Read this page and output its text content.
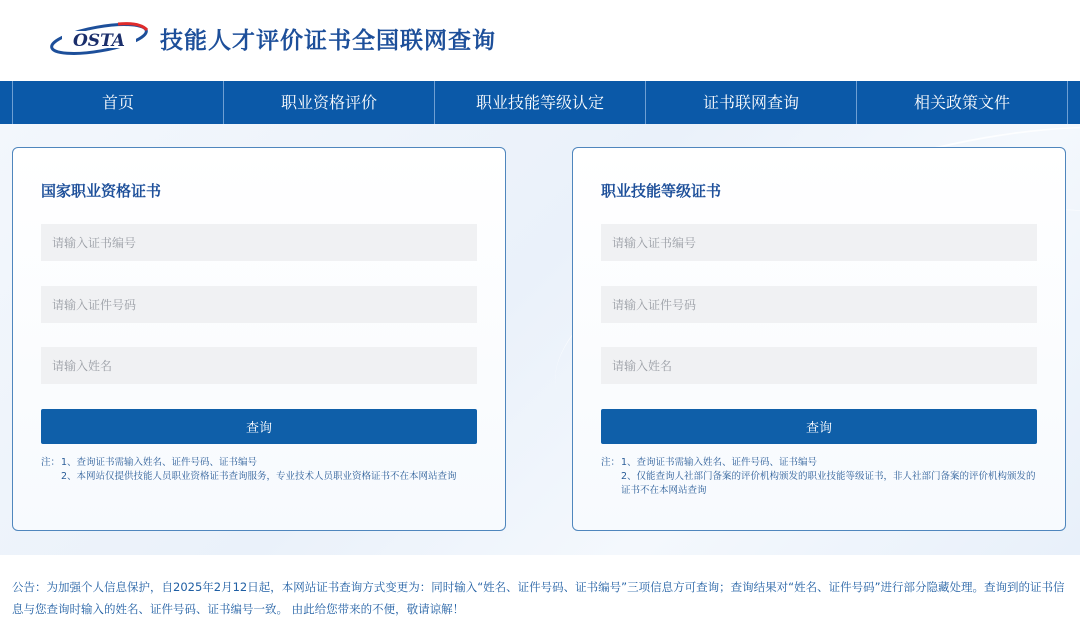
OSTA 技能人才评价证书全国联网查询
首页	职业资格评价	职业技能等级认定	证书联网查询	相关政策文件
国家职业资格证书
请输入证书编号
请输入证件号码
请输入姓名
查询
注： 1、查询证书需输入姓名、证件号码、证书编号
2、本网站仅提供技能人员职业资格证书查询服务，专业技术人员职业资格证书不在本网站查询
职业技能等级证书
请输入证书编号
请输入证件号码
请输入姓名
查询
注： 1、查询证书需输入姓名、证件号码、证书编号
2、仅能查询人社部门备案的评价机构颁发的职业技能等级证书，非人社部门备案的评价机构颁发的证书不在本网站查询
公告：为加强个人信息保护，自2025年2月12日起，本网站证书查询方式变更为：同时输入“姓名、证件号码、证书编号”三项信息方可查询；查询结果对“姓名、证件号码”进行部分隐藏处理。查询到的证书信息与您查询时输入的姓名、证件号码、证书编号一致。 由此给您带来的不便，敬请谅解！
